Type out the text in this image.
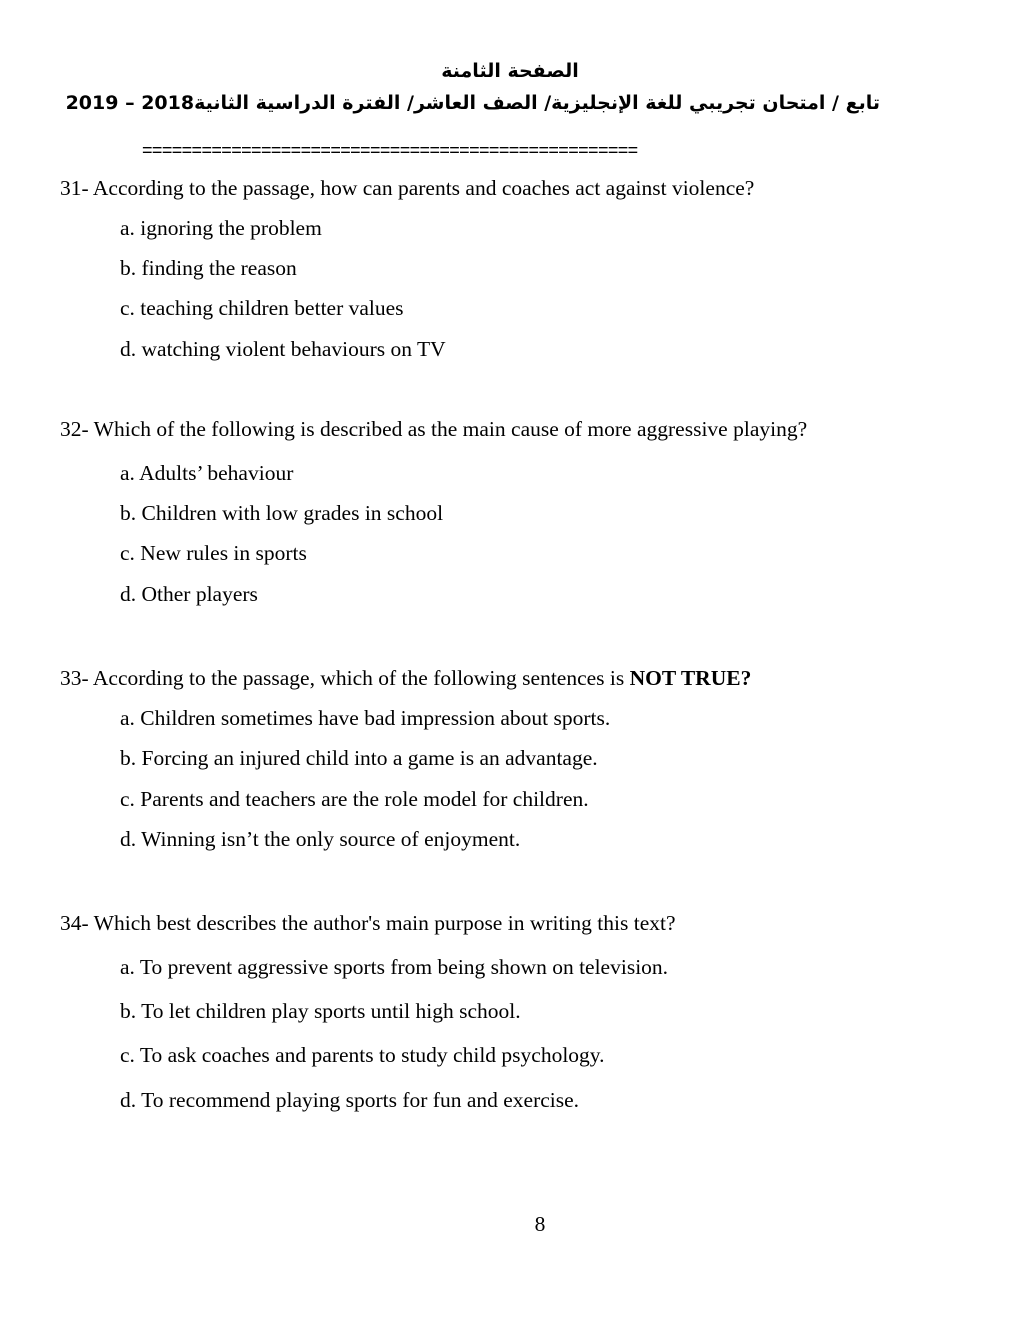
الصفحة الثامنة
تابع / امتحان تجريبي للغة الإنجليزية/ الصف العاشر/ الفترة الدراسية الثانية2018 – 2019
==================================================
31- According to the passage, how can parents and coaches act against violence?
a. ignoring the problem
b. finding the reason
c. teaching children better values
d. watching violent behaviours on TV
32- Which of the following is described as the main cause of more aggressive playing?
a. Adults’ behaviour
b. Children with low grades in school
c. New rules in sports
d. Other players
33- According to the passage, which of the following sentences is NOT TRUE?
a. Children sometimes have bad impression about sports.
b. Forcing an injured child into a game is an advantage.
c. Parents and teachers are the role model for children.
d. Winning isn’t the only source of enjoyment.
34- Which best describes the author's main purpose in writing this text?
a. To prevent aggressive sports from being shown on television.
b. To let children play sports until high school.
c. To ask coaches and parents to study child psychology.
d. To recommend playing sports for fun and exercise.
8
